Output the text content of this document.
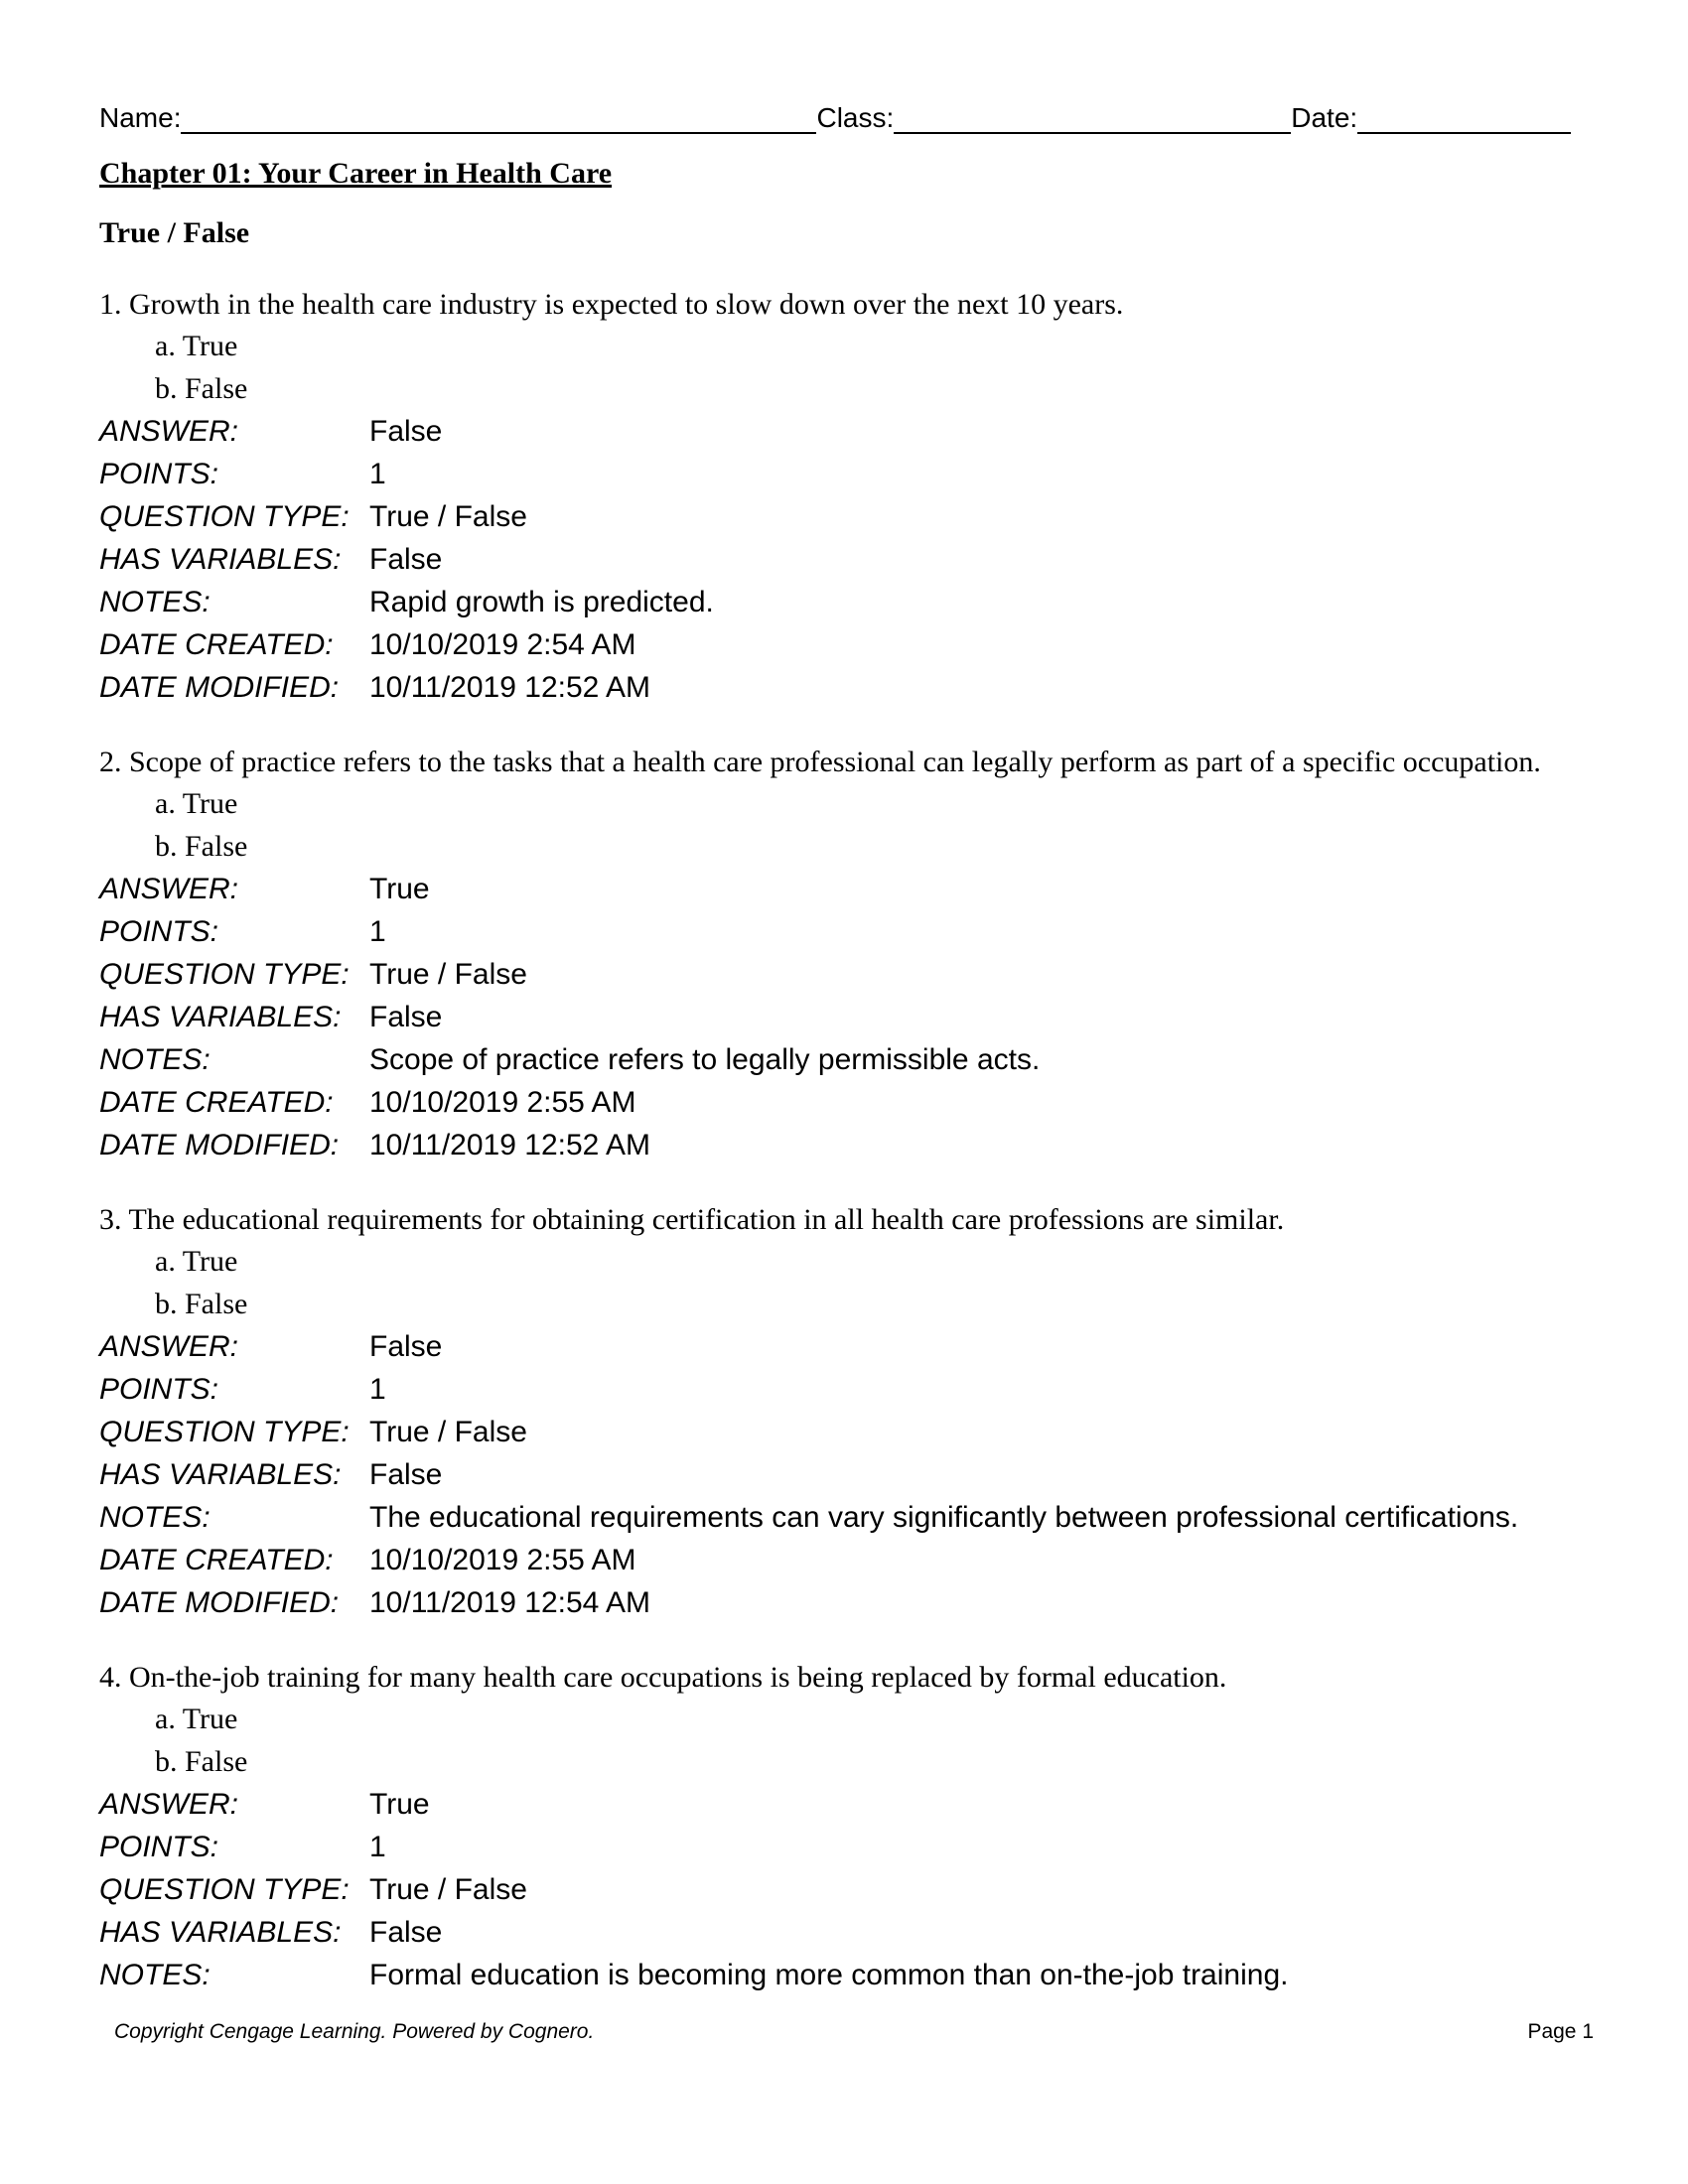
Name:	Class:	Date:
Chapter 01: Your Career in Health Care
True / False
1. Growth in the health care industry is expected to slow down over the next 10 years.
a. True
b. False
ANSWER:	False
POINTS:	1
QUESTION TYPE: True / False
HAS VARIABLES: False
NOTES:	Rapid growth is predicted.
DATE CREATED:	10/10/2019 2:54 AM
DATE MODIFIED:	10/11/2019 12:52 AM
2. Scope of practice refers to the tasks that a health care professional can legally perform as part of a specific occupation.
a. True
b. False
ANSWER:	True
POINTS:	1
QUESTION TYPE: True / False
HAS VARIABLES: False
NOTES:	Scope of practice refers to legally permissible acts.
DATE CREATED:	10/10/2019 2:55 AM
DATE MODIFIED:	10/11/2019 12:52 AM
3. The educational requirements for obtaining certification in all health care professions are similar.
a. True
b. False
ANSWER:	False
POINTS:	1
QUESTION TYPE: True / False
HAS VARIABLES: False
NOTES:	The educational requirements can vary significantly between professional certifications.
DATE CREATED:	10/10/2019 2:55 AM
DATE MODIFIED:	10/11/2019 12:54 AM
4. On-the-job training for many health care occupations is being replaced by formal education.
a. True
b. False
ANSWER:	True
POINTS:	1
QUESTION TYPE: True / False
HAS VARIABLES: False
NOTES:	Formal education is becoming more common than on-the-job training.
Copyright Cengage Learning. Powered by Cognero.	Page 1
